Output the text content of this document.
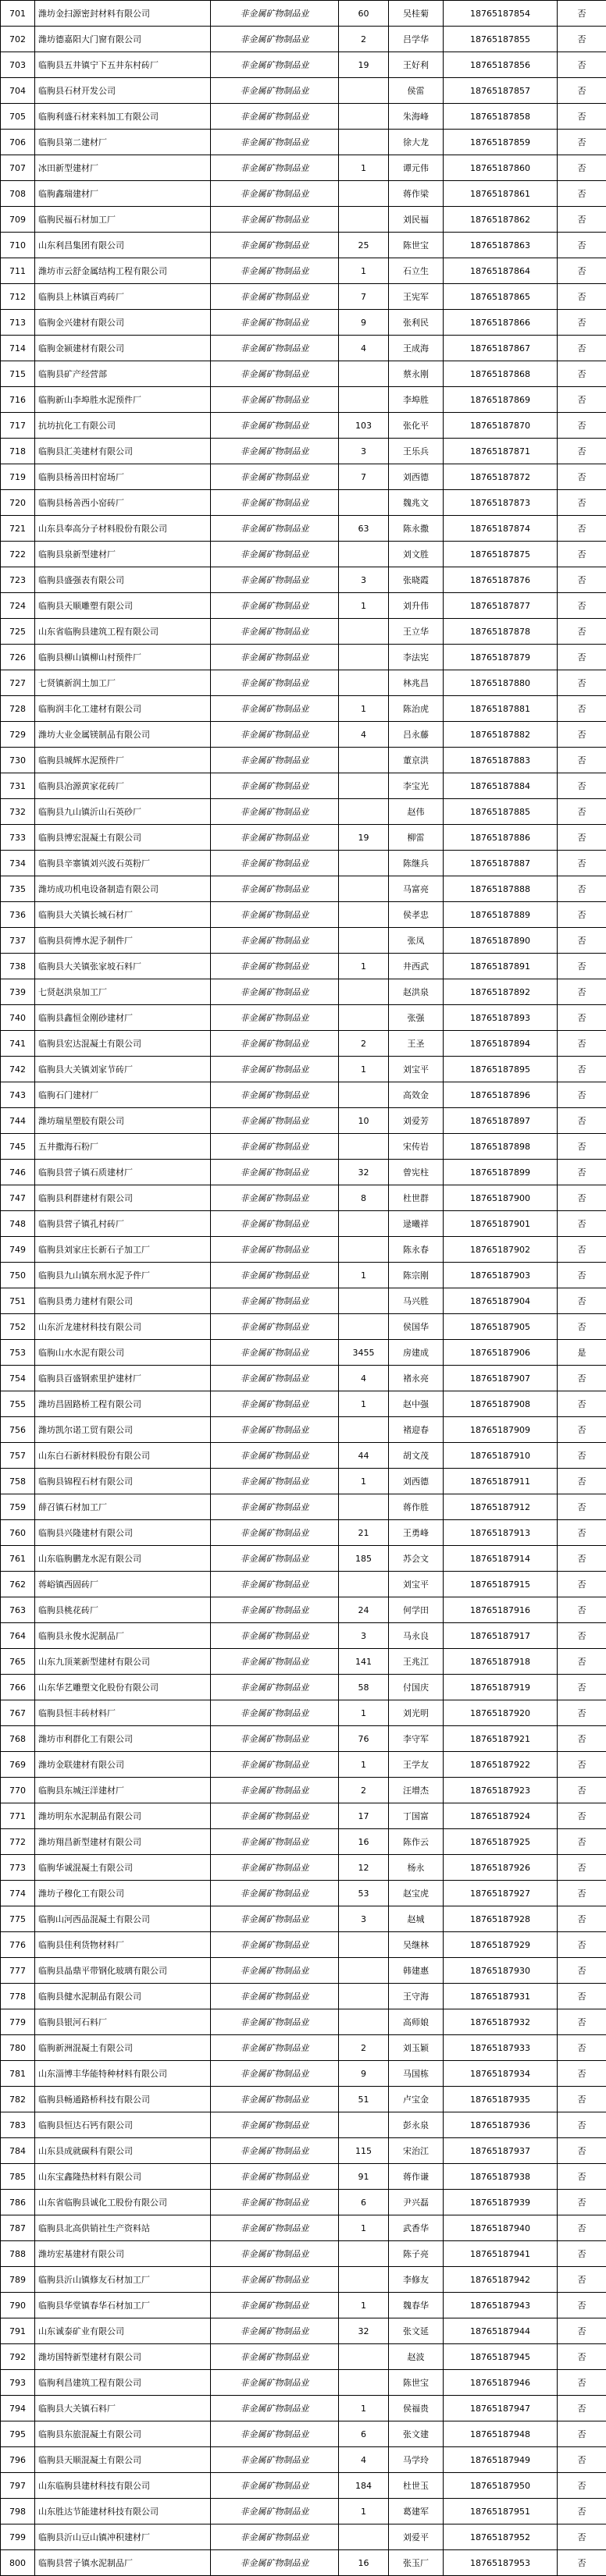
701	潍坊金扫源密封材料有限公司	非金属矿物制品业	60	吴桂菊	18765187854	否
702	潍坊德嘉阳大门窗有限公司	非金属矿物制品业	2	吕学华	18765187855	否
703	临朐县五井镇宁下五井东村砖厂	非金属矿物制品业	19	王好利	18765187856	否
704	临朐县石材开发公司	非金属矿物制品业		侯雷	18765187857	否
705	临朐利盛石材来料加工有限公司	非金属矿物制品业		朱海峰	18765187858	否
706	临朐县第二建材厂	非金属矿物制品业		徐大龙	18765187859	否
707	冰田新型建材厂	非金属矿物制品业	1	谭元伟	18765187860	否
708	临朐鑫瑞建材厂	非金属矿物制品业		蒋作梁	18765187861	否
709	临朐民福石材加工厂	非金属矿物制品业		刘民福	18765187862	否
710	山东利昌集团有限公司	非金属矿物制品业	25	陈世宝	18765187863	否
711	潍坊市云舒金属结构工程有限公司	非金属矿物制品业	1	石立生	18765187864	否
712	临朐县上林镇百鸡砖厂	非金属矿物制品业	7	王宪军	18765187865	否
713	临朐金兴建材有限公司	非金属矿物制品业	9	张利民	18765187866	否
714	临朐金颍建材有限公司	非金属矿物制品业	4	王成海	18765187867	否
715	临朐县矿产经营部	非金属矿物制品业		蔡永刚	18765187868	否
716	临朐新山李埠胜水泥预件厂	非金属矿物制品业		李埠胜	18765187869	否
717	抗坊抗化工有限公司	非金属矿物制品业	103	张化平	18765187870	否
718	临朐县汇美建材有限公司	非金属矿物制品业	3	王乐兵	18765187871	否
719	临朐县杨善田村窑场厂	非金属矿物制品业	7	刘西德	18765187872	否
720	临朐县杨善西小窑砖厂	非金属矿物制品业		魏兆文	18765187873	否
721	山东县奉高分子材料股份有限公司	非金属矿物制品业	63	陈永撒	18765187874	否
722	临朐县泉新型建材厂	非金属矿物制品业		刘文胜	18765187875	否
723	临朐县盛强表有限公司	非金属矿物制品业	3	张晓霞	18765187876	否
724	临朐县天顺雕塑有限公司	非金属矿物制品业	1	刘升伟	18765187877	否
725	山东省临朐县建筑工程有限公司	非金属矿物制品业		王立华	18765187878	否
726	临朐县柳山镇柳山村预件厂	非金属矿物制品业		李法宪	18765187879	否
727	七贤镇新润土加工厂	非金属矿物制品业		林兆昌	18765187880	否
728	临朐润丰化工建材有限公司	非金属矿物制品业	1	陈治虎	18765187881	否
729	潍坊大业金属镁制品有限公司	非金属矿物制品业	4	吕永藤	18765187882	否
730	临朐县城辉水泥预件厂	非金属矿物制品业		董京洪	18765187883	否
731	临朐县冶源黄家花砖厂	非金属矿物制品业		李宝光	18765187884	否
732	临朐县九山镇沂山石英砂厂	非金属矿物制品业		赵伟	18765187885	否
733	临朐县博宏混凝土有限公司	非金属矿物制品业	19	柳雷	18765187886	否
734	临朐县辛寨镇刘兴波石英粉厂	非金属矿物制品业		陈继兵	18765187887	否
735	潍坊成功机电设备制造有限公司	非金属矿物制品业		马富亮	18765187888	否
736	临朐县大关镇长城石材厂	非金属矿物制品业		侯孝忠	18765187889	否
737	临朐县荷博水泥予制件厂	非金属矿物制品业		张凤	18765187890	否
738	临朐县大关镇张家坡石料厂	非金属矿物制品业	1	井西武	18765187891	否
739	七贤赵洪泉加工厂	非金属矿物制品业		赵洪泉	18765187892	否
740	临朐县鑫恒金刚砂建材厂	非金属矿物制品业		张强	18765187893	否
741	临朐县宏达混凝土有限公司	非金属矿物制品业	2	王圣	18765187894	否
742	临朐县大关镇刘家节砖厂	非金属矿物制品业	1	刘宝平	18765187895	否
743	临朐石门建材厂	非金属矿物制品业		高效金	18765187896	否
744	潍坊瑞星塑胶有限公司	非金属矿物制品业	10	刘爱芳	18765187897	否
745	五井撒海石粉厂	非金属矿物制品业		宋传岩	18765187898	否
746	临朐县营子镇石质建材厂	非金属矿物制品业	32	曾宪柱	18765187899	否
747	临朐县利群建材有限公司	非金属矿物制品业	8	杜世群	18765187900	否
748	临朐县营子镇孔村砖厂	非金属矿物制品业		逯曦祥	18765187901	否
749	临朐县刘家庄长新石子加工厂	非金属矿物制品业		陈永春	18765187902	否
750	临朐县九山镇东刑水泥予件厂	非金属矿物制品业	1	陈宗刚	18765187903	否
751	临朐县勇力建材有限公司	非金属矿物制品业		马兴胜	18765187904	否
752	山东沂龙建材科技有限公司	非金属矿物制品业		侯国华	18765187905	否
753	临朐山水水泥有限公司	非金属矿物制品业	3455	房建成	18765187906	是
754	临朐县百盛钢索里护建材厂	非金属矿物制品业	4	褚永亮	18765187907	否
755	潍坊昌固路桥工程有限公司	非金属矿物制品业	1	赵中强	18765187908	否
756	潍坊凯尔诺工贸有限公司	非金属矿物制品业		褚迎春	18765187909	否
757	山东白石新材料股份有限公司	非金属矿物制品业	44	胡文茂	18765187910	否
758	临朐县锦程石材有限公司	非金属矿物制品业	1	刘西德	18765187911	否
759	薛召镇石材加工厂	非金属矿物制品业		蒋作胜	18765187912	否
760	临朐县兴隆建材有限公司	非金属矿物制品业	21	王勇峰	18765187913	否
761	山东临朐鹏龙水泥有限公司	非金属矿物制品业	185	苏会文	18765187914	否
762	蒋峪镇西固砖厂	非金属矿物制品业		刘宝平	18765187915	否
763	临朐县桃花砖厂	非金属矿物制品业	24	何学田	18765187916	否
764	临朐县永俊水泥制品厂	非金属矿物制品业	3	马永良	18765187917	否
765	山东九顶莱新型建材有限公司	非金属矿物制品业	141	王兆江	18765187918	否
766	山东华艺雕塑文化股份有限公司	非金属矿物制品业	58	付国庆	18765187919	否
767	临朐县恒丰砖材料厂	非金属矿物制品业	1	刘光明	18765187920	否
768	潍坊市利群化工有限公司	非金属矿物制品业	76	李守军	18765187921	否
769	潍坊金联建材有限公司	非金属矿物制品业	1	王学友	18765187922	否
770	临朐县东城汪洋建材厂	非金属矿物制品业	2	汪增杰	18765187923	否
771	潍坊明东水泥制品有限公司	非金属矿物制品业	17	丁国富	18765187924	否
772	潍坊翔昌新型建材有限公司	非金属矿物制品业	16	陈作云	18765187925	否
773	临朐华诚混凝土有限公司	非金属矿物制品业	12	杨永	18765187926	否
774	潍坊子穆化工有限公司	非金属矿物制品业	53	赵宝虎	18765187927	否
775	临朐山河西品混凝土有限公司	非金属矿物制品业	3	赵城	18765187928	否
776	临朐县佳利货物材料厂	非金属矿物制品业		吴继林	18765187929	否
777	临朐县晶鼎平带钢化玻璃有限公司	非金属矿物制品业		韩建惠	18765187930	否
778	临朐县健水泥制品有限公司	非金属矿物制品业		王守海	18765187931	否
779	临朐县银河石料厂	非金属矿物制品业		高师娘	18765187932	否
780	临朐新洲混凝土有限公司	非金属矿物制品业	2	刘玉颖	18765187933	否
781	山东淄博丰华能特种材料有限公司	非金属矿物制品业	9	马国栋	18765187934	否
782	临朐县畅通路桥科技有限公司	非金属矿物制品业	51	卢宝金	18765187935	否
783	临朐县恒达石钙有限公司	非金属矿物制品业		彭永泉	18765187936	否
784	山东县成就碳科有限公司	非金属矿物制品业	115	宋治江	18765187937	否
785	山东宝鑫隆热材料有限公司	非金属矿物制品业	91	蒋作谦	18765187938	否
786	山东省临朐县诚化工股份有限公司	非金属矿物制品业	6	尹兴磊	18765187939	否
787	临朐县北高供销社生产资料站	非金属矿物制品业	1	武香华	18765187940	否
788	潍坊宏基建材有限公司	非金属矿物制品业		陈子亮	18765187941	否
789	临朐县沂山镇修友石材加工厂	非金属矿物制品业		李修友	18765187942	否
790	临朐县华堂镇春华石材加工厂	非金属矿物制品业	1	魏春华	18765187943	否
791	山东诚泰矿业有限公司	非金属矿物制品业	32	张文延	18765187944	否
792	潍坊国特新型建材有限公司	非金属矿物制品业		赵波	18765187945	否
793	临朐利昌建筑工程有限公司	非金属矿物制品业		陈世宝	18765187946	否
794	临朐县大关镇石料厂	非金属矿物制品业	1	侯福贵	18765187947	否
795	临朐县东旅混凝土有限公司	非金属矿物制品业	6	张文建	18765187948	否
796	临朐县天顺混凝土有限公司	非金属矿物制品业	4	马学玲	18765187949	否
797	山东临朐县建材科技有限公司	非金属矿物制品业	184	杜世玉	18765187950	否
798	山东胜达节能建材科技有限公司	非金属矿物制品业	1	葛建军	18765187951	否
799	临朐县沂山豆山镇冲积建材厂	非金属矿物制品业		刘爱平	18765187952	否
800	临朐县营子镇水泥制品厂	非金属矿物制品业	16	张玉厂	18765187953	否
